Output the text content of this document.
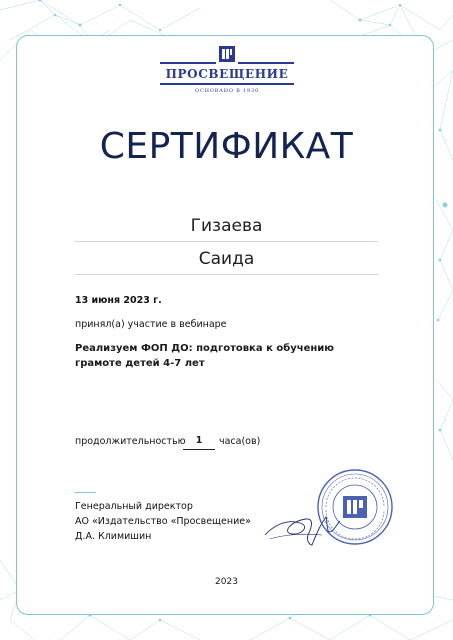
ПРОСВЕЩЕНИЕ
ОСНОВАНО В 1930
СЕРТИФИКАТ
Гизаева
Саида
13 июня 2023 г.
принял(а) участие в вебинаре
Реализуем ФОП ДО: подготовка к обучению грамоте детей 4-7 лет
продолжительностью	1	часа(ов)
Генеральный директор
АО «Издательство «Просвещение»
Д.А. Климишин
2023
